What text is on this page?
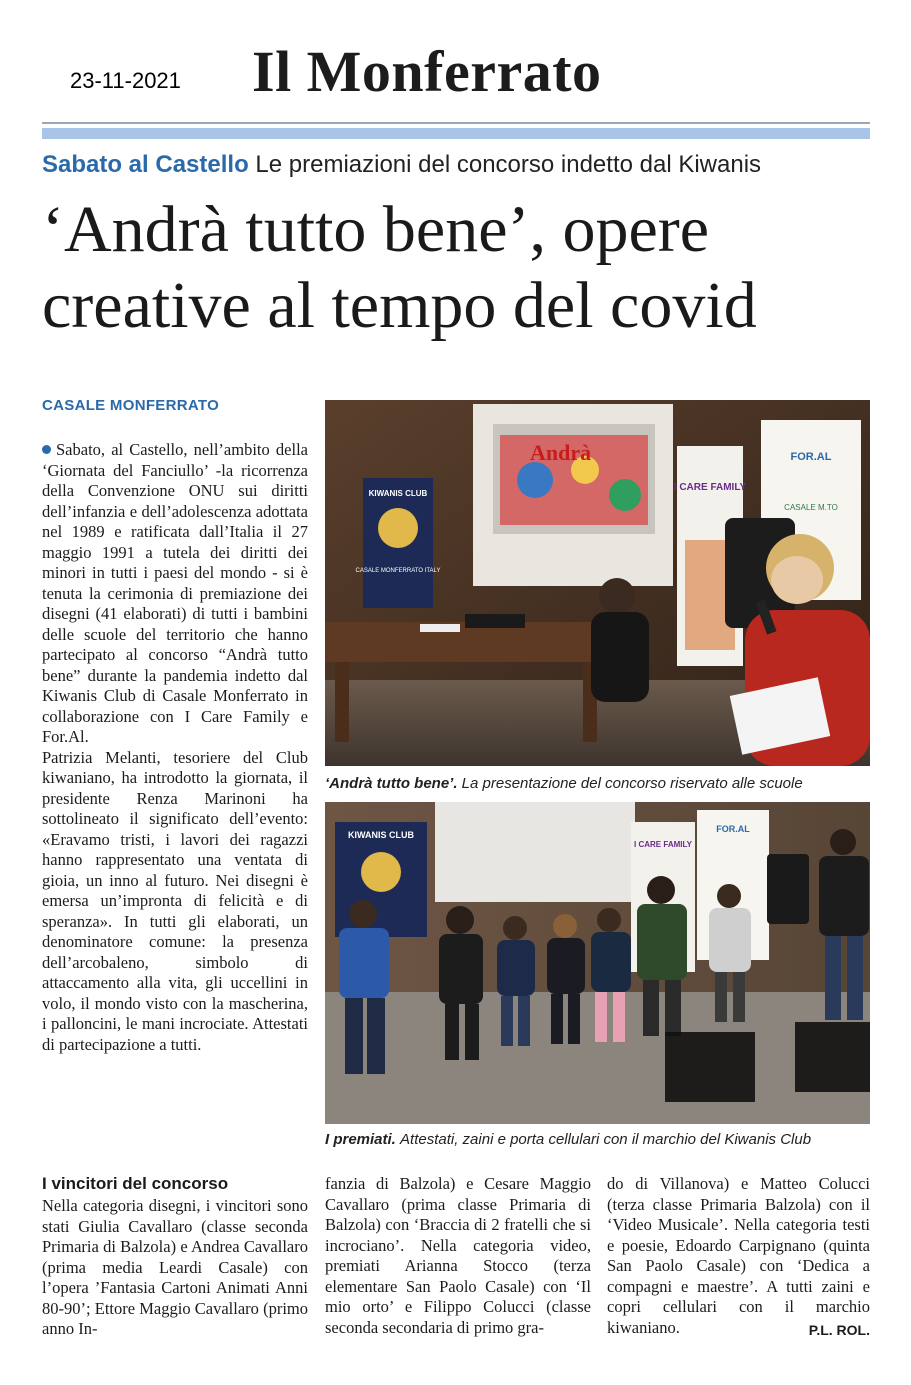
23-11-2021 Il Monferrato
Sabato al Castello Le premiazioni del concorso indetto dal Kiwanis
‘Andrà tutto bene’, opere
creative al tempo del covid
CASALE MONFERRATO
Sabato, al Castello, nell’ambito della ‘Giornata del Fanciullo’ -la ricorrenza della Convenzione ONU sui diritti dell’infanzia e dell’adolescenza adottata nel 1989 e ratificata dall’Italia il 27 maggio 1991 a tutela dei diritti dei minori in tutti i paesi del mondo - si è tenuta la cerimonia di premiazione dei disegni (41 elaborati) di tutti i bambini delle scuole del territorio che hanno partecipato al concorso “Andrà tutto bene” durante la pandemia indetto dal Kiwanis Club di Casale Monferrato in collaborazione con I Care Family e For.Al.
Patrizia Melanti, tesoriere del Club kiwaniano, ha introdotto la giornata, il presidente Renza Marinoni ha sottolineato il significato dell’evento: «Eravamo tristi, i lavori dei ragazzi hanno rappresentato una ventata di gioia, un inno al futuro. Nei disegni è emersa un’impronta di felicità e di speranza». In tutti gli elaborati, un denominatore comune: la presenza dell’arcobaleno, simbolo di attaccamento alla vita, gli uccellini in volo, il mondo visto con la mascherina, i palloncini, le mani incrociate. Attestati di partecipazione a tutti.
Andrà
KIWANIS CLUB
CASALE MONFERRATO ITALY
I CARE FAMILY
FOR.AL
CASALE M.TO
‘Andrà tutto bene’. La presentazione del concorso riservato alle scuole
KIWANIS CLUB
I CARE FAMILY
FOR.AL
I premiati. Attestati, zaini e porta cellulari con il marchio del Kiwanis Club
I vincitori del concorso
Nella categoria disegni, i vincitori sono stati Giulia Cavallaro (classe seconda Primaria di Balzola) e Andrea Cavallaro (prima media Leardi Casale) con l’opera ’Fantasia Cartoni Animati Anni 80-90’; Ettore Maggio Cavallaro (primo anno In-
fanzia di Balzola) e Cesare Maggio Cavallaro (prima classe Primaria di Balzola) con ‘Braccia di 2 fratelli che si incrociano’. Nella categoria video, premiati Arianna Stocco (terza elementare San Paolo Casale) con ‘Il mio orto’ e Filippo Colucci (classe seconda secondaria di primo gra-
do di Villanova) e Matteo Colucci (terza classe Primaria Balzola) con il ‘Video Musicale’. Nella categoria testi e poesie, Edoardo Carpignano (quinta San Paolo Casale) con ‘Dedica a compagni e maestre’. A tutti zaini e copri cellulari con il marchio kiwaniano.	P.L. ROL.
